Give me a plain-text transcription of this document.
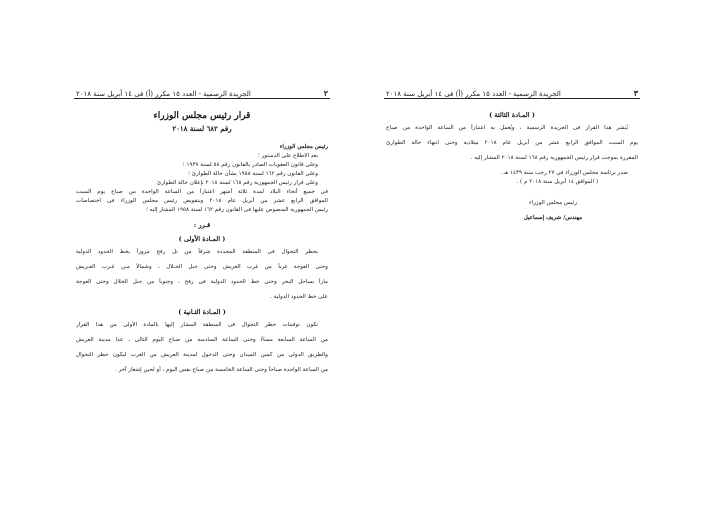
٢
الجريدة الرسمية - العدد ١٥ مكرر (أ) فى ١٤ أبريل سنة ٢٠١٨
قرار رئيس مجلس الوزراء
رقم ٦٨٢ لسنة ٢٠١٨
رئيس مجلس الوزراء
بعد الاطلاع على الدستور ؛
وعلى قانون العقوبات الصادر بالقانون رقم ٥٨ لسنة ١٩٣٧ ؛
وعلى القانون رقم ١٦٢ لسنة ١٩٥٨ بشأن حالة الطوارئ ؛
وعلى قرار رئيس الجمهورية رقم ١٦٨ لسنة ٢٠١٨ بإعلان حالة الطوارئ
فى جميع أنحاء البلاد لمدة ثلاثة أشهر اعتباراً من الساعة الواحدة من صباح يوم السبت
الموافق الرابع عشر من أبريل عام ٢٠١٨ وبتفويض رئيس مجلس الوزراء فى اختصاصات
رئيس الجمهورية المنصوص عليها فى القانون رقم ١٦٢ لسنة ١٩٥٨ المشار إليه ؛
قـرر :
( المـادة الأولى )
يحظر التجوال فى المنطقة المحددة شرقاً من تل رفح مروراً بخط الحدود الدولية
وحتى العوجة غرباً من غرب العريش وحتى جبل الحـلال ، وشمالاً مـن غـرب العـريش
ماراً بساحل البحر وحتى خط الحدود الدولية فى رفح ، وجنوباً من جبل الحلال وحتى العوجة
على خط الحدود الدولية .
( المـادة الثـانية )
تكون توقيتات حظر التجوال فى المنطقة المشار إليها بالمادة الأولى من هذا القرار
من الساعة السابعة مساءً وحتى الساعة السادسة من صباح اليوم التالى ، عدا مدينة العريش
والطريق الدولى من كمين الميدان وحتى الدخول لمدينة العريش من الغرب ليكون حظر التجوال
من الساعة الواحدة صباحاً وحتى الساعة الخامسة من صباح نفس اليوم ، أو لحين إشعار آخر .
٣
الجريدة الرسمية - العدد ١٥ مكرر (أ) فى ١٤ أبريل سنة ٢٠١٨
( المـادة الثالثة )
يُنشر هذا القرار فى الجريدة الرسمية ، ويُعمل به اعتباراً من الساعة الواحدة من صباح
يوم السبت الموافق الرابع عشر من أبريل عام ٢٠١٨ ميلادية وحتى انتهاء حالة الطوارئ
المقررة بموجب قرار رئيس الجمهورية رقم ١٦٨ لسنة ٢٠١٨ المشار إليه .
صدر برئاسة مجلس الوزراء فى ٢٧ رجب سنة ١٤٣٩ هـ .
( الموافق ١٤ أبريل سنة ٢٠١٨ م ) .
رئيس مجلس الوزراء
مهندس/ شريف إسماعيل
